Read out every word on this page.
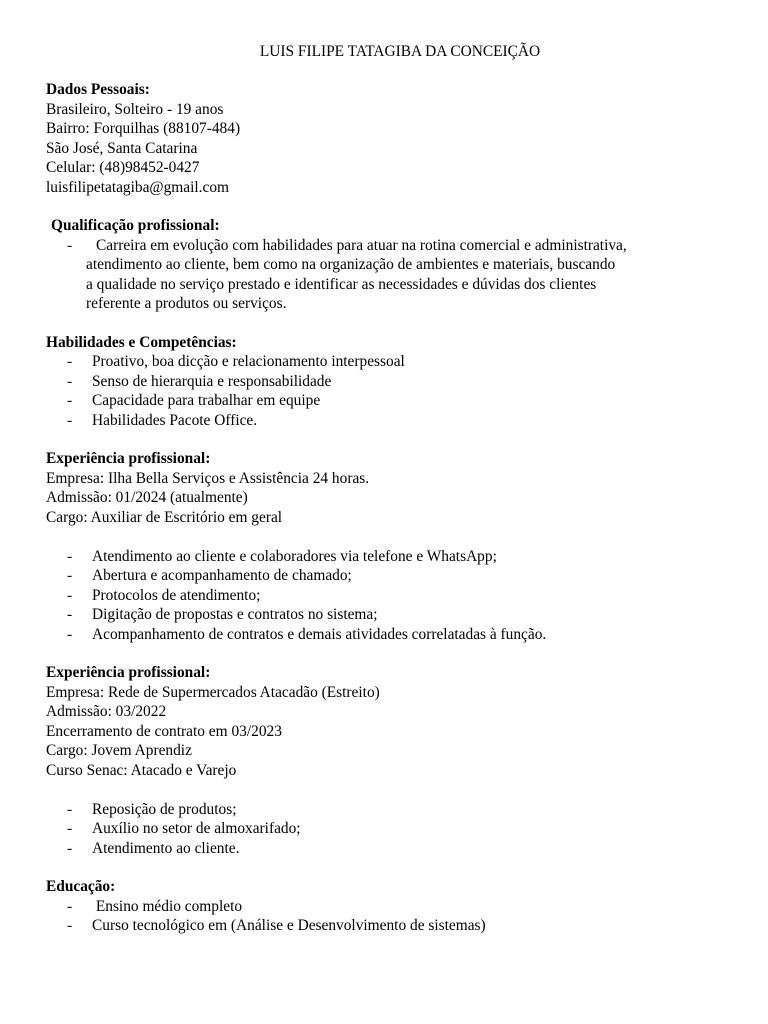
LUIS FILIPE TATAGIBA DA CONCEIÇÃO
Dados Pessoais:
Brasileiro, Solteiro - 19 anos
Bairro: Forquilhas (88107-484)
São José, Santa Catarina
Celular: (48)98452-0427
luisfilipetatagiba@gmail.com
Qualificação profissional:
- Carreira em evolução com habilidades para atuar na rotina comercial e administrativa,
atendimento ao cliente, bem como na organização de ambientes e materiais, buscando
a qualidade no serviço prestado e identificar as necessidades e dúvidas dos clientes
referente a produtos ou serviços.
Habilidades e Competências:
- Proativo, boa dicção e relacionamento interpessoal
- Senso de hierarquia e responsabilidade
- Capacidade para trabalhar em equipe
- Habilidades Pacote Office.
Experiência profissional:
Empresa: Ilha Bella Serviços e Assistência 24 horas.
Admissão: 01/2024 (atualmente)
Cargo: Auxiliar de Escritório em geral
- Atendimento ao cliente e colaboradores via telefone e WhatsApp;
- Abertura e acompanhamento de chamado;
- Protocolos de atendimento;
- Digitação de propostas e contratos no sistema;
- Acompanhamento de contratos e demais atividades correlatadas à função.
Experiência profissional:
Empresa: Rede de Supermercados Atacadão (Estreito)
Admissão: 03/2022
Encerramento de contrato em 03/2023
Cargo: Jovem Aprendiz
Curso Senac: Atacado e Varejo
- Reposição de produtos;
- Auxílio no setor de almoxarifado;
- Atendimento ao cliente.
Educação:
- Ensino médio completo
- Curso tecnológico em (Análise e Desenvolvimento de sistemas)
